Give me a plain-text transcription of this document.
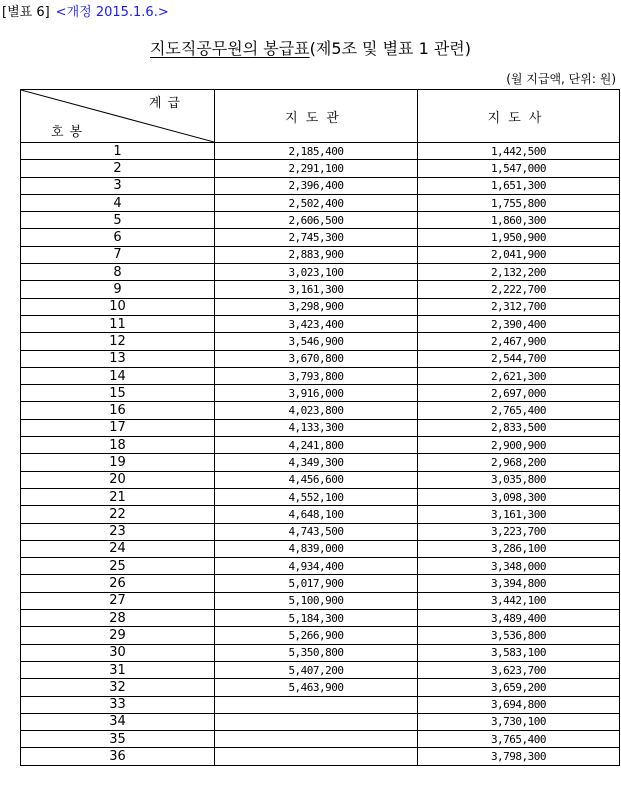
[별표 6] <개정 2015.1.6.>
지도직공무원의 봉급표(제5조 및 별표 1 관련)
(월 지급액, 단위: 원)
계급
호봉	지도관	지도사
1	2,185,400	1,442,500
2	2,291,100	1,547,000
3	2,396,400	1,651,300
4	2,502,400	1,755,800
5	2,606,500	1,860,300
6	2,745,300	1,950,900
7	2,883,900	2,041,900
8	3,023,100	2,132,200
9	3,161,300	2,222,700
10	3,298,900	2,312,700
11	3,423,400	2,390,400
12	3,546,900	2,467,900
13	3,670,800	2,544,700
14	3,793,800	2,621,300
15	3,916,000	2,697,000
16	4,023,800	2,765,400
17	4,133,300	2,833,500
18	4,241,800	2,900,900
19	4,349,300	2,968,200
20	4,456,600	3,035,800
21	4,552,100	3,098,300
22	4,648,100	3,161,300
23	4,743,500	3,223,700
24	4,839,000	3,286,100
25	4,934,400	3,348,000
26	5,017,900	3,394,800
27	5,100,900	3,442,100
28	5,184,300	3,489,400
29	5,266,900	3,536,800
30	5,350,800	3,583,100
31	5,407,200	3,623,700
32	5,463,900	3,659,200
33		3,694,800
34		3,730,100
35		3,765,400
36		3,798,300
